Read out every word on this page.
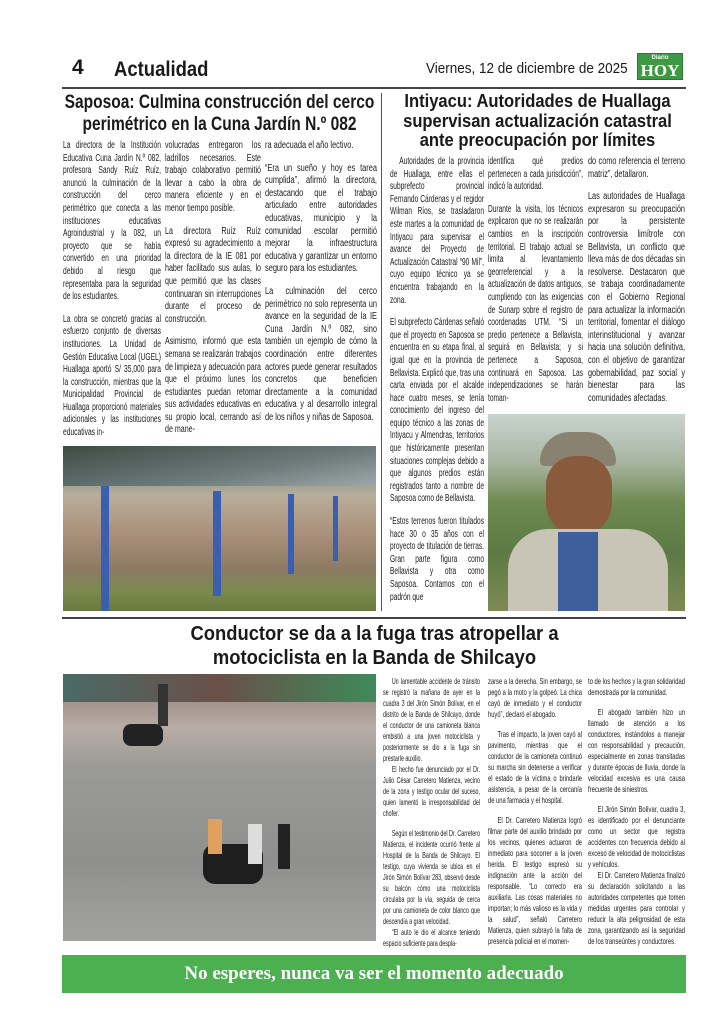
4 Actualidad	Viernes, 12 de diciembre de 2025
Diario
HOY
Saposoa: Culmina construcción del cerco
perimétrico en la Cuna Jardín N.º 082

La directora de la Institución Educativa Cuna Jardín N.º 082, profesora Sandy Ruíz Ruíz, anunció la culminación de la construcción del cerco perimétrico que conecta a las instituciones educativas Agroindustrial y la 082, un proyecto que se había convertido en una prioridad debido al riesgo que representaba para la seguridad de los estudiantes.

La obra se concretó gracias al esfuerzo conjunto de diversas instituciones. La Unidad de Gestión Educativa Local (UGEL) Huallaga aportó S/ 35,000 para la construcción, mientras que la Municipalidad Provincial de Huallaga proporcionó materiales adicionales y las instituciones educativas in-

volucradas entregaron los ladrillos necesarios. Este trabajo colaborativo permitió llevar a cabo la obra de manera eficiente y en el menor tiempo posible.

La directora Ruíz Ruíz expresó su agradecimiento a la directora de la IE 081 por haber facilitado sus aulas, lo que permitió que las clases continuaran sin interrupciones durante el proceso de construcción.

Asimismo, informó que esta semana se realizarán trabajos de limpieza y adecuación para que el próximo lunes los estudiantes puedan retomar sus actividades educativas en su propio local, cerrando así de mane-

ra adecuada el año lectivo.

“Era un sueño y hoy es tarea cumplida”, afirmó la directora, destacando que el trabajo articulado entre autoridades educativas, municipio y la comunidad escolar permitió mejorar la infraestructura educativa y garantizar un entorno seguro para los estudiantes.

La culminación del cerco perimétrico no solo representa un avance en la seguridad de la IE Cuna Jardín N.º 082, sino también un ejemplo de cómo la coordinación entre diferentes actores puede generar resultados concretos que beneficien directamente a la comunidad educativa y al desarrollo integral de los niños y niñas de Saposoa.

Intiyacu: Autoridades de Huallaga
supervisan actualización catastral
ante preocupación por límites

Autoridades de la provincia de Huallaga, entre ellas el subprefecto provincial Fernando Cárdenas y el regidor Wilman Ríos, se trasladaron este martes a la comunidad de Intiyacu para supervisar el avance del Proyecto de Actualización Catastral “90 Mil”, cuyo equipo técnico ya se encuentra trabajando en la zona.

El subprefecto Cárdenas señaló que el proyecto en Saposoa se encuentra en su etapa final, al igual que en la provincia de Bellavista. Explicó que, tras una carta enviada por el alcalde hace cuatro meses, se tenía conocimiento del ingreso del equipo técnico a las zonas de Intiyacu y Almendras, territorios que históricamente presentan situaciones complejas debido a que algunos predios están registrados tanto a nombre de Saposoa como de Bellavista.

“Estos terrenos fueron titulados hace 30 o 35 años con el proyecto de titulación de tierras. Gran parte figura como Bellavista y otra como Saposoa. Contamos con el padrón que

identifica qué predios pertenecen a cada jurisdicción”, indicó la autoridad.

Durante la visita, los técnicos explicaron que no se realizarán cambios en la inscripción territorial. El trabajo actual se limita al levantamiento georreferencial y a la actualización de datos antiguos, cumpliendo con las exigencias de Sunarp sobre el registro de coordenadas UTM. “Si un predio pertenece a Bellavista, seguirá en Bellavista; y si pertenece a Saposoa, continuará en Saposoa. Las independizaciones se harán toman-

do como referencia el terreno matriz”, detallaron.

Las autoridades de Huallaga expresaron su preocupación por la persistente controversia limítrofe con Bellavista, un conflicto que lleva más de dos décadas sin resolverse. Destacaron que se trabaja coordinadamente con el Gobierno Regional para actualizar la información territorial, fomentar el diálogo interinstitucional y avanzar hacia una solución definitiva, con el objetivo de garantizar gobernabilidad, paz social y bienestar para las comunidades afectadas.

Conductor se da a la fuga tras atropellar a
motociclista en la Banda de Shilcayo

Un lamentable accidente de tránsito se registró la mañana de ayer en la cuadra 3 del Jirón Simón Bolívar, en el distrito de la Banda de Shilcayo, donde el conductor de una camioneta blanca embistió a una joven motociclista y posteriormente se dio a la fuga sin prestarle auxilio.

El hecho fue denunciado por el Dr. Julio César Carretero Matienza, vecino de la zona y testigo ocular del suceso, quien lamentó la irresponsabilidad del chofer.

Según el testimonio del Dr. Carretero Matienza, el incidente ocurrió frente al Hospital de la Banda de Shilcayo. El testigo, cuya vivienda se ubica en el Jirón Simón Bolívar 283, observó desde su balcón cómo una motociclista circulaba por la vía, seguida de cerca por una camioneta de color blanco que descendía a gran velocidad.

“El auto le dio el alcance teniendo espacio suficiente para despla-

zarse a la derecha. Sin embargo, se pegó a la moto y la golpeó. La chica cayó de inmediato y el conductor huyó”, declaró el abogado.

Tras el impacto, la joven cayó al pavimento, mientras que el conductor de la camioneta continuó su marcha sin detenerse a verificar el estado de la víctima o brindarle asistencia, a pesar de la cercanía de una farmacia y el hospital.

El Dr. Carretero Matienza logró filmar parte del auxilio brindado por los vecinos, quienes actuaron de inmediato para socorrer a la joven herida. El testigo expresó su indignación ante la acción del responsable. “Lo correcto era auxiliarla. Las cosas materiales no importan; lo más valioso es la vida y la salud”, señaló Carretero Matienza, quien subrayó la falta de presencia policial en el momen-

to de los hechos y la gran solidaridad demostrada por la comunidad.

El abogado también hizo un llamado de atención a los conductores, instándolos a manejar con responsabilidad y precaución, especialmente en zonas transitadas y durante épocas de lluvia, donde la velocidad excesiva es una causa frecuente de siniestros.

El Jirón Simón Bolívar, cuadra 3, es identificado por el denunciante como un sector que registra accidentes con frecuencia debido al exceso de velocidad de motociclistas y vehículos.

El Dr. Carretero Matienza finalizó su declaración solicitando a las autoridades competentes que tomen medidas urgentes para controlar y reducir la alta peligrosidad de esta zona, garantizando así la seguridad de los transeúntes y conductores.

No esperes, nunca va ser el momento adecuado
